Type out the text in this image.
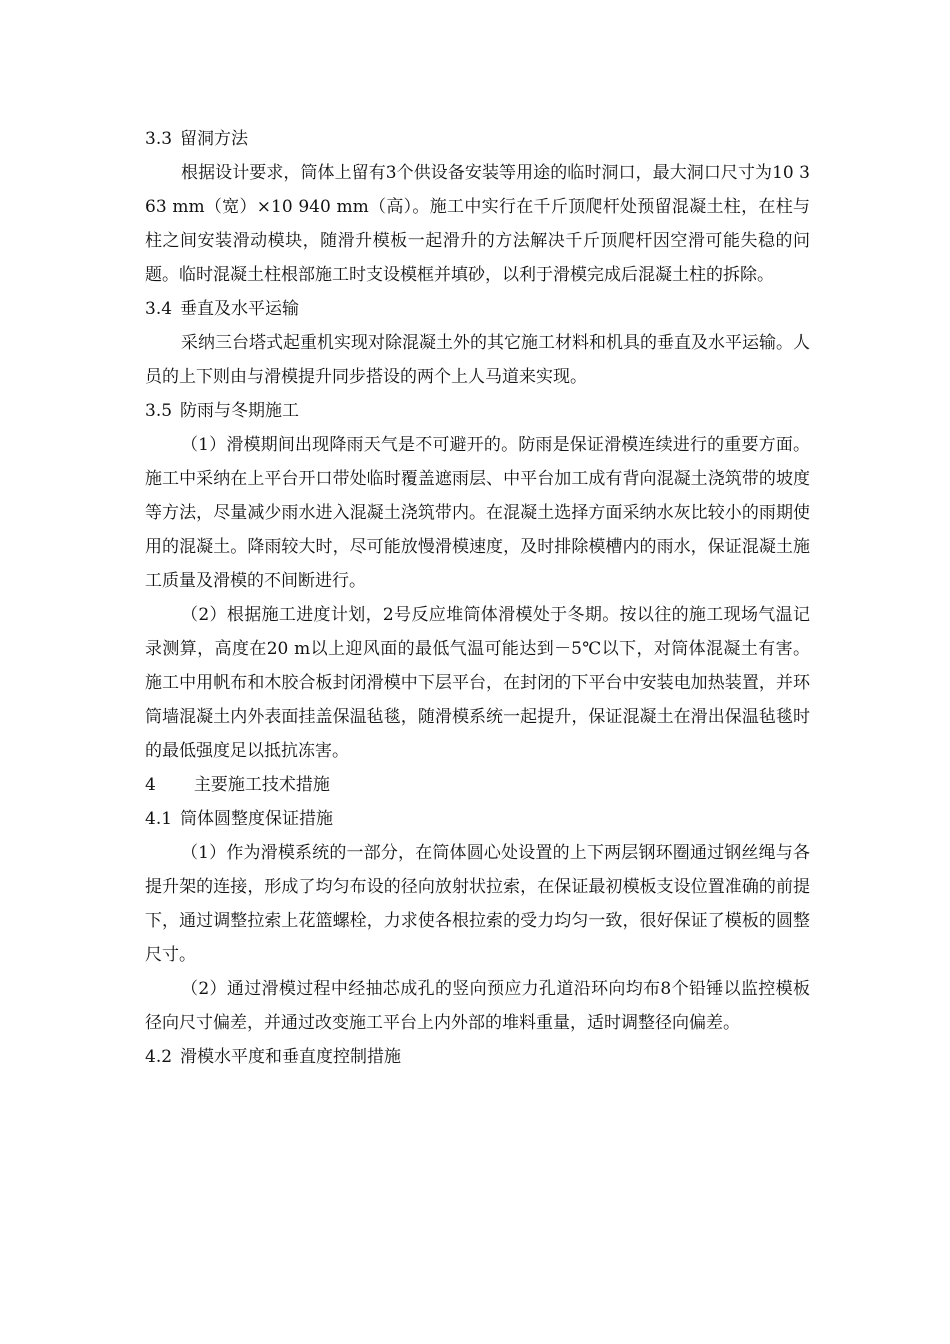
3.3 留洞方法

根据设计要求，筒体上留有3个供设备安装等用途的临时洞口，最大洞口尺寸为10 363 mm（宽）×10 940 mm（高）。施工中实行在千斤顶爬杆处预留混凝土柱，在柱与柱之间安装滑动模块，随滑升模板一起滑升的方法解决千斤顶爬杆因空滑可能失稳的问题。临时混凝土柱根部施工时支设模框并填砂，以利于滑模完成后混凝土柱的拆除。

3.4 垂直及水平运输

采纳三台塔式起重机实现对除混凝土外的其它施工材料和机具的垂直及水平运输。人员的上下则由与滑模提升同步搭设的两个上人马道来实现。

3.5 防雨与冬期施工

（1）滑模期间出现降雨天气是不可避开的。防雨是保证滑模连续进行的重要方面。施工中采纳在上平台开口带处临时覆盖遮雨层、中平台加工成有背向混凝土浇筑带的坡度等方法，尽量减少雨水进入混凝土浇筑带内。在混凝土选择方面采纳水灰比较小的雨期使用的混凝土。降雨较大时，尽可能放慢滑模速度，及时排除模槽内的雨水，保证混凝土施工质量及滑模的不间断进行。

（2）根据施工进度计划，2号反应堆筒体滑模处于冬期。按以往的施工现场气温记录测算，高度在20 m以上迎风面的最低气温可能达到－5℃以下，对筒体混凝土有害。施工中用帆布和木胶合板封闭滑模中下层平台，在封闭的下平台中安装电加热装置，并环筒墙混凝土内外表面挂盖保温毡毯，随滑模系统一起提升，保证混凝土在滑出保温毡毯时的最低强度足以抵抗冻害。

4 主要施工技术措施
4.1 筒体圆整度保证措施

（1）作为滑模系统的一部分，在筒体圆心处设置的上下两层钢环圈通过钢丝绳与各提升架的连接，形成了均匀布设的径向放射状拉索，在保证最初模板支设位置准确的前提下，通过调整拉索上花篮螺栓，力求使各根拉索的受力均匀一致，很好保证了模板的圆整尺寸。

（2）通过滑模过程中经抽芯成孔的竖向预应力孔道沿环向均布8个铅锤以监控模板径向尺寸偏差，并通过改变施工平台上内外部的堆料重量，适时调整径向偏差。

4.2 滑模水平度和垂直度控制措施
